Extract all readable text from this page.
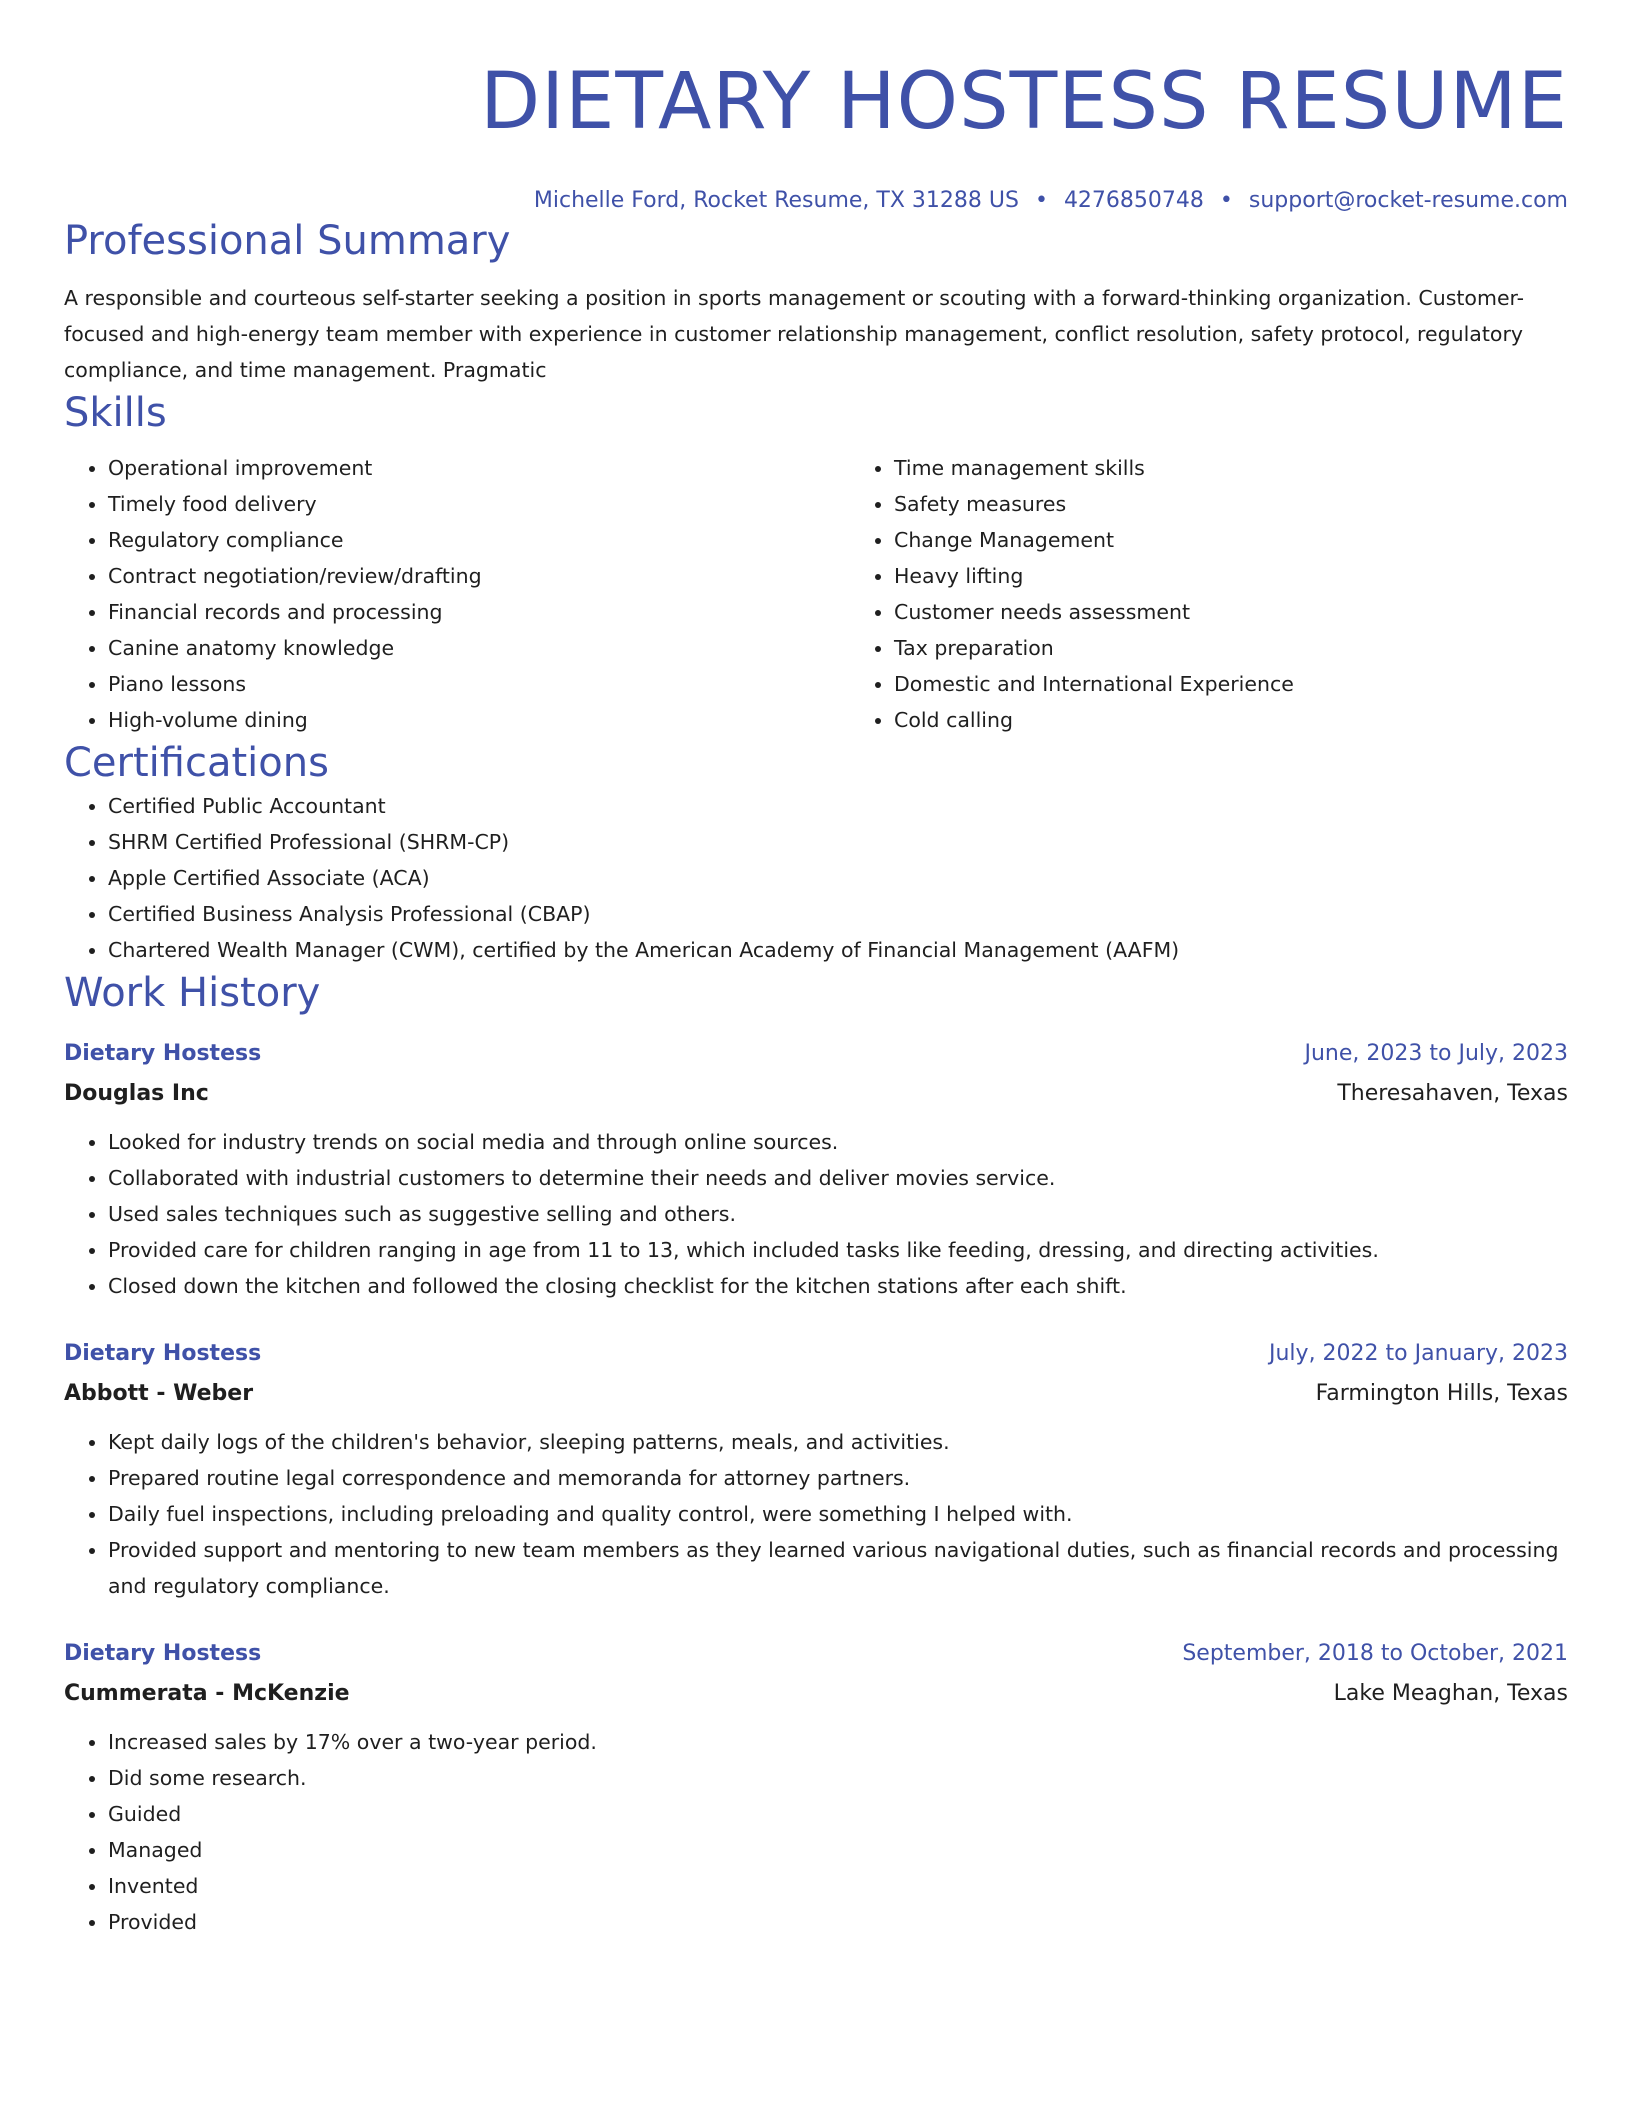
DIETARY HOSTESS RESUME
Michelle Ford, Rocket Resume, TX 31288 US • 4276850748 • support@rocket-resume.com
Professional Summary
A responsible and courteous self-starter seeking a position in sports management or scouting with a forward-thinking organization. Customer-focused and high-energy team member with experience in customer relationship management, conflict resolution, safety protocol, regulatory compliance, and time management. Pragmatic
Skills
• Operational improvement
• Timely food delivery
• Regulatory compliance
• Contract negotiation/review/drafting
• Financial records and processing
• Canine anatomy knowledge
• Piano lessons
• High-volume dining
• Time management skills
• Safety measures
• Change Management
• Heavy lifting
• Customer needs assessment
• Tax preparation
• Domestic and International Experience
• Cold calling
Certifications
• Certified Public Accountant
• SHRM Certified Professional (SHRM-CP)
• Apple Certified Associate (ACA)
• Certified Business Analysis Professional (CBAP)
• Chartered Wealth Manager (CWM), certified by the American Academy of Financial Management (AAFM)
Work History
Dietary Hostess	June, 2023 to July, 2023
Douglas Inc	Theresahaven, Texas
• Looked for industry trends on social media and through online sources.
• Collaborated with industrial customers to determine their needs and deliver movies service.
• Used sales techniques such as suggestive selling and others.
• Provided care for children ranging in age from 11 to 13, which included tasks like feeding, dressing, and directing activities.
• Closed down the kitchen and followed the closing checklist for the kitchen stations after each shift.
Dietary Hostess	July, 2022 to January, 2023
Abbott - Weber	Farmington Hills, Texas
• Kept daily logs of the children's behavior, sleeping patterns, meals, and activities.
• Prepared routine legal correspondence and memoranda for attorney partners.
• Daily fuel inspections, including preloading and quality control, were something I helped with.
• Provided support and mentoring to new team members as they learned various navigational duties, such as financial records and processing and regulatory compliance.
Dietary Hostess	September, 2018 to October, 2021
Cummerata - McKenzie	Lake Meaghan, Texas
• Increased sales by 17% over a two-year period.
• Did some research.
• Guided
• Managed
• Invented
• Provided
